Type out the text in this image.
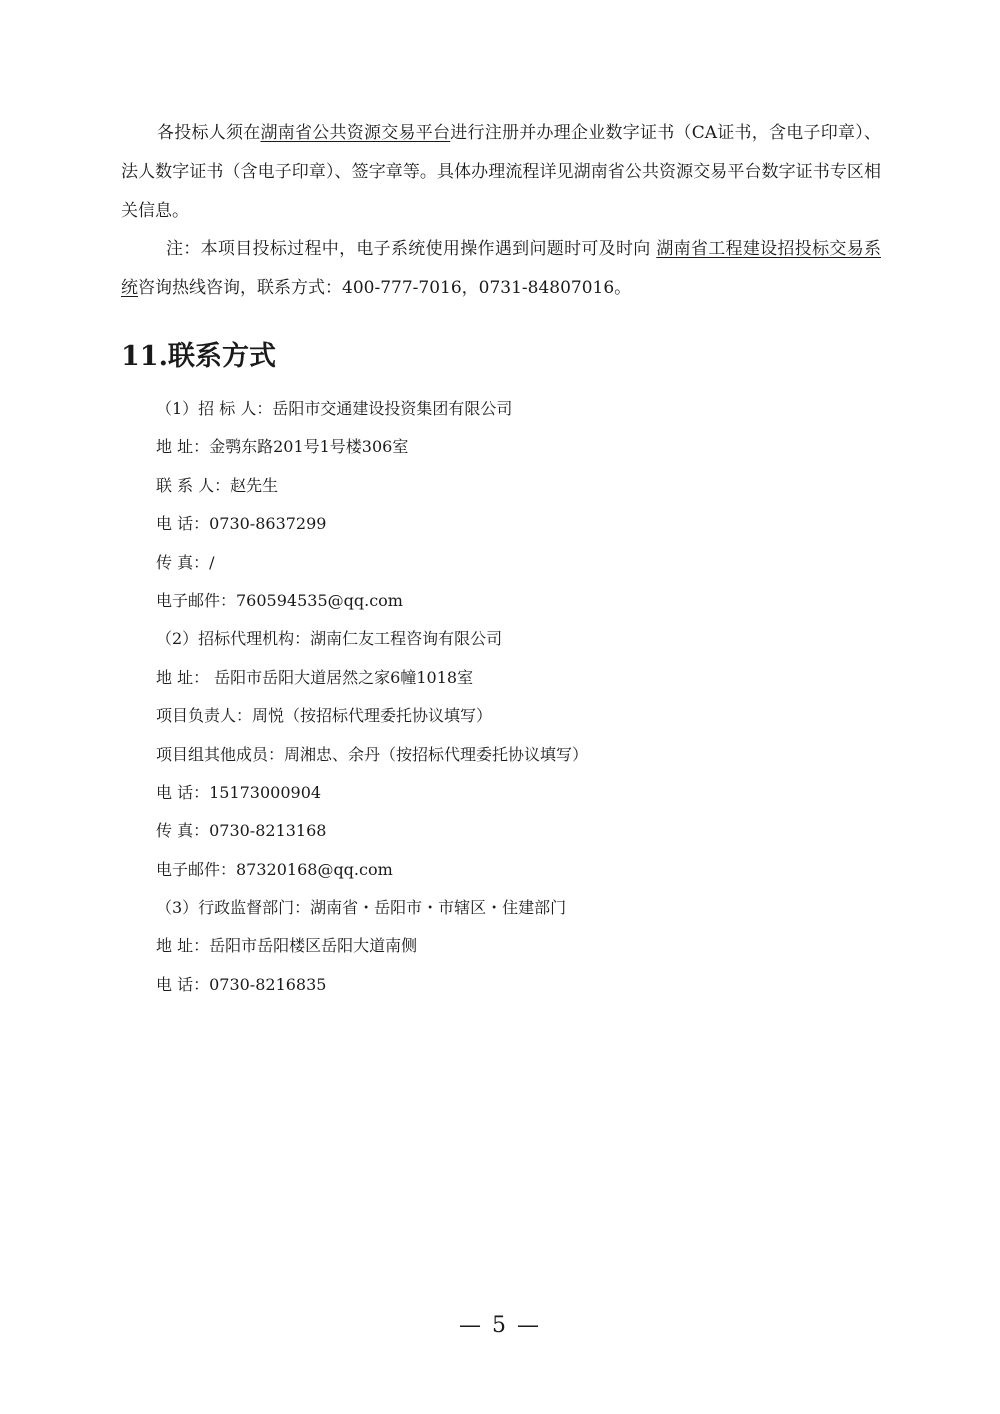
各投标人须在湖南省公共资源交易平台进行注册并办理企业数字证书（CA证书，含电子印章）、法人数字证书（含电子印章）、签字章等。具体办理流程详见湖南省公共资源交易平台数字证书专区相关信息。

注：本项目投标过程中，电子系统使用操作遇到问题时可及时向 湖南省工程建设招投标交易系统咨询热线咨询，联系方式：400-777-7016，0731-84807016。

11.联系方式
（1）招 标 人：岳阳市交通建设投资集团有限公司
地 址：金鹗东路201号1号楼306室
联 系 人：赵先生
电 话：0730-8637299
传 真：/
电子邮件：760594535@qq.com
（2）招标代理机构：湖南仁友工程咨询有限公司
地 址： 岳阳市岳阳大道居然之家6幢1018室
项目负责人：周悦（按招标代理委托协议填写）
项目组其他成员：周湘忠、余丹（按招标代理委托协议填写）
电 话：15173000904
传 真：0730-8213168
电子邮件：87320168@qq.com
（3）行政监督部门：湖南省・岳阳市・市辖区・住建部门
地 址：岳阳市岳阳楼区岳阳大道南侧
电 话：0730-8216835
— 5 —
